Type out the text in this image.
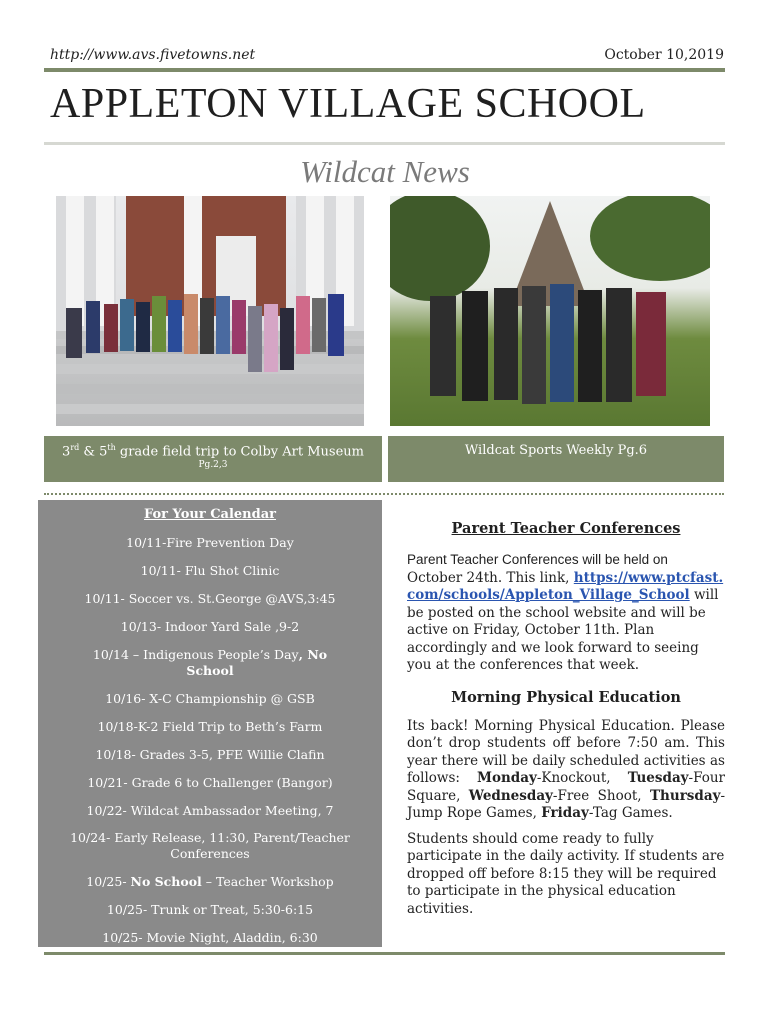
http://www.avs.fivetowns.net	October 10,2019
APPLETON VILLAGE SCHOOL
Wildcat News
3rd & 5th grade field trip to Colby Art Museum
Pg.2,3
Wildcat Sports Weekly Pg.6
For Your Calendar
10/11-Fire Prevention Day
10/11- Flu Shot Clinic
10/11- Soccer vs. St.George @AVS,3:45
10/13- Indoor Yard Sale ,9-2
10/14 – Indigenous People’s Day, No School
10/16- X-C Championship @ GSB
10/18-K-2 Field Trip to Beth’s Farm
10/18- Grades 3-5, PFE Willie Clafin
10/21- Grade 6 to Challenger (Bangor)
10/22- Wildcat Ambassador Meeting, 7
10/24- Early Release, 11:30, Parent/Teacher Conferences
10/25- No School – Teacher Workshop
10/25- Trunk or Treat, 5:30-6:15
10/25- Movie Night, Aladdin, 6:30
Parent Teacher Conferences

Parent Teacher Conferences will be held on October 24th. This link, https://www.ptcfast.com/schools/Appleton_Village_School will be posted on the school website and will be active on Friday, October 11th. Plan accordingly and we look forward to seeing you at the conferences that week.

Morning Physical Education

Its back! Morning Physical Education. Please don’t drop students off before 7:50 am. This year there will be daily scheduled activities as follows: Monday-Knockout, Tuesday-Four Square, Wednesday-Free Shoot, Thursday-Jump Rope Games, Friday-Tag Games.

Students should come ready to fully participate in the daily activity. If students are dropped off before 8:15 they will be required to participate in the physical education activities.
